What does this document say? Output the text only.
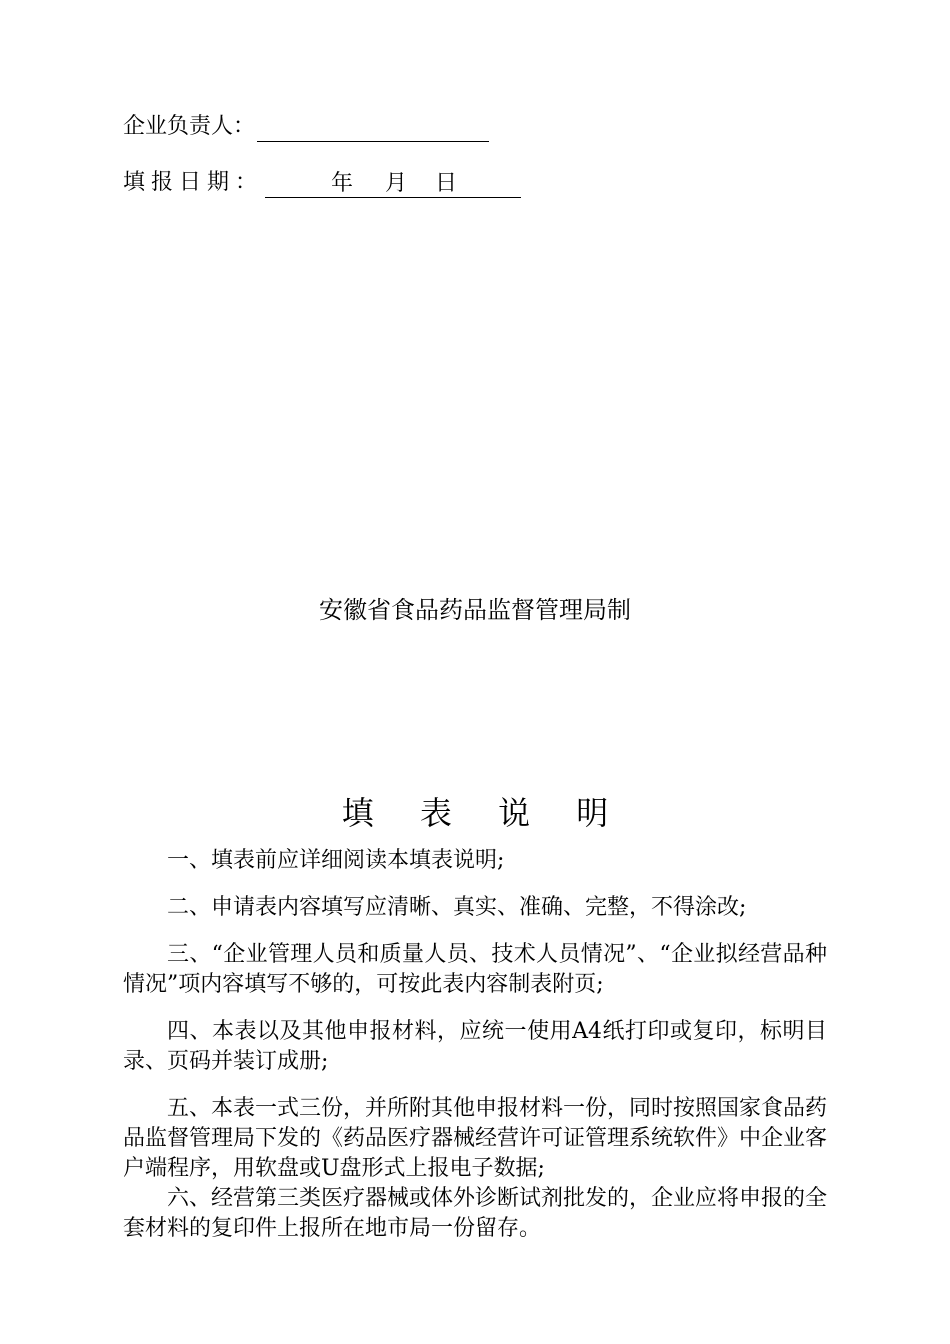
企业负责人：
填报日期：	年 月 日
安徽省食品药品监督管理局制
填 表 说 明

一、填表前应详细阅读本填表说明;

二、申请表内容填写应清晰、真实、准确、完整，不得涂改;

三、“企业管理人员和质量人员、技术人员情况”、“企业拟经营品种情况”项内容填写不够的，可按此表内容制表附页;

四、本表以及其他申报材料，应统一使用A4纸打印或复印，标明目录、页码并装订成册;

五、本表一式三份，并所附其他申报材料一份，同时按照国家食品药品监督管理局下发的《药品医疗器械经营许可证管理系统软件》中企业客户端程序，用软盘或U盘形式上报电子数据;

六、经营第三类医疗器械或体外诊断试剂批发的，企业应将申报的全套材料的复印件上报所在地市局一份留存。
